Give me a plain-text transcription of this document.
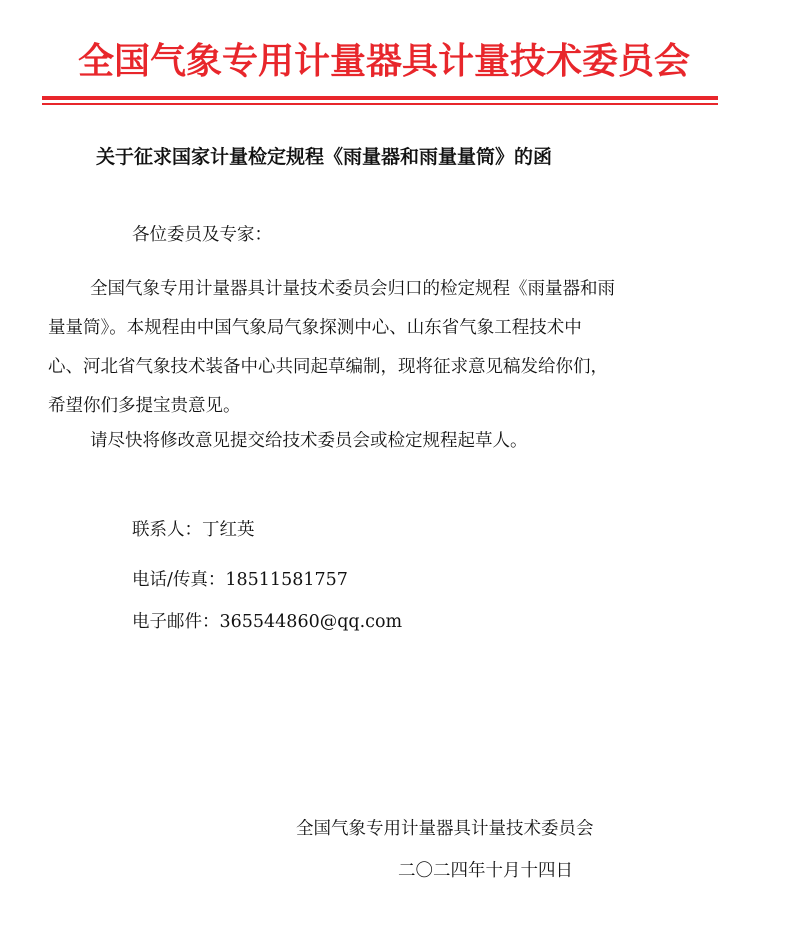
全国气象专用计量器具计量技术委员会
关于征求国家计量检定规程《雨量器和雨量量筒》的函
各位委员及专家：
全国气象专用计量器具计量技术委员会归口的检定规程《雨量器和雨
量量筒》。本规程由中国气象局气象探测中心、山东省气象工程技术中
心、河北省气象技术装备中心共同起草编制，现将征求意见稿发给你们，
希望你们多提宝贵意见。
请尽快将修改意见提交给技术委员会或检定规程起草人。
联系人：丁红英
电话/传真：18511581757
电子邮件：365544860@qq.com
全国气象专用计量器具计量技术委员会
二〇二四年十月十四日
